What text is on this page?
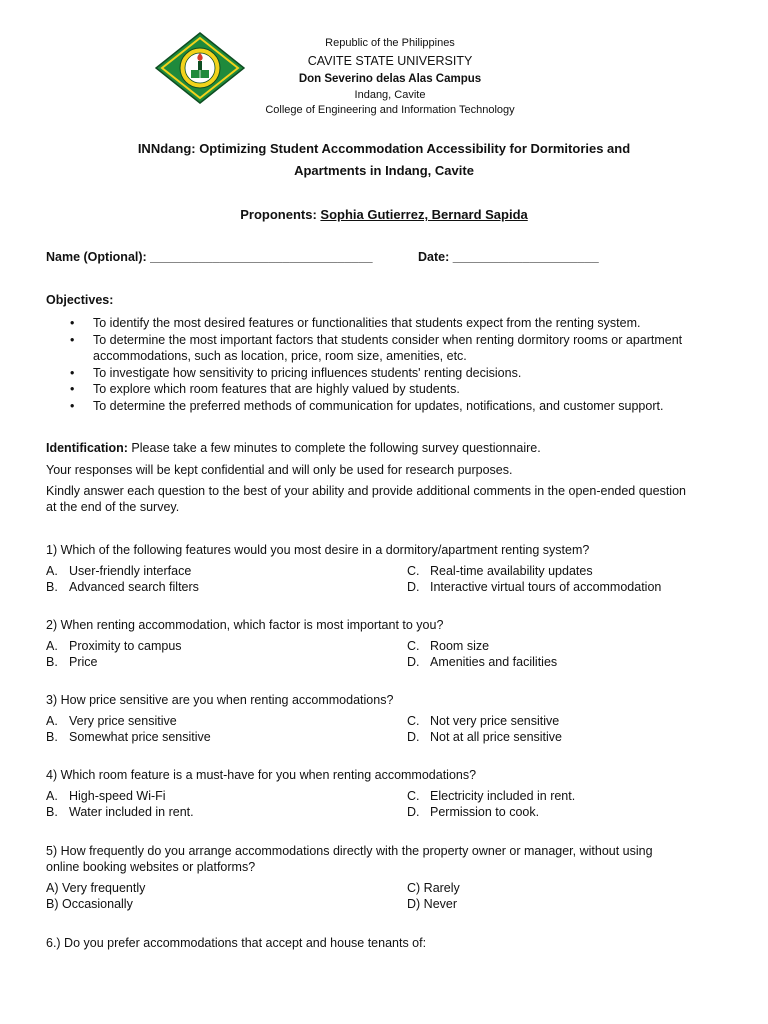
Republic of the Philippines
CAVITE STATE UNIVERSITY
Don Severino delas Alas Campus
Indang, Cavite
College of Engineering and Information Technology
INNdang: Optimizing Student Accommodation Accessibility for Dormitories and
Apartments in Indang, Cavite
Proponents: Sophia Gutierrez, Bernard Sapida
Name (Optional): ________________________________	Date: _____________________
Objectives:
• To identify the most desired features or functionalities that students expect from the renting system.
• To determine the most important factors that students consider when renting dormitory rooms or apartment accommodations, such as location, price, room size, amenities, etc.
• To investigate how sensitivity to pricing influences students' renting decisions.
• To explore which room features that are highly valued by students.
• To determine the preferred methods of communication for updates, notifications, and customer support.
Identification: Please take a few minutes to complete the following survey questionnaire.
Your responses will be kept confidential and will only be used for research purposes.
Kindly answer each question to the best of your ability and provide additional comments in the open-ended question
at the end of the survey.
1) Which of the following features would you most desire in a dormitory/apartment renting system?
A. User-friendly interface
B. Advanced search filters
C. Real-time availability updates
D. Interactive virtual tours of accommodation
2) When renting accommodation, which factor is most important to you?
A. Proximity to campus
B. Price
C. Room size
D. Amenities and facilities
3) How price sensitive are you when renting accommodations?
A. Very price sensitive
B. Somewhat price sensitive
C. Not very price sensitive
D. Not at all price sensitive
4) Which room feature is a must-have for you when renting accommodations?
A. High-speed Wi-Fi
B. Water included in rent.
C. Electricity included in rent.
D. Permission to cook.
5) How frequently do you arrange accommodations directly with the property owner or manager, without using
online booking websites or platforms?
A) Very frequently
B) Occasionally
C) Rarely
D) Never
6.) Do you prefer accommodations that accept and house tenants of:
